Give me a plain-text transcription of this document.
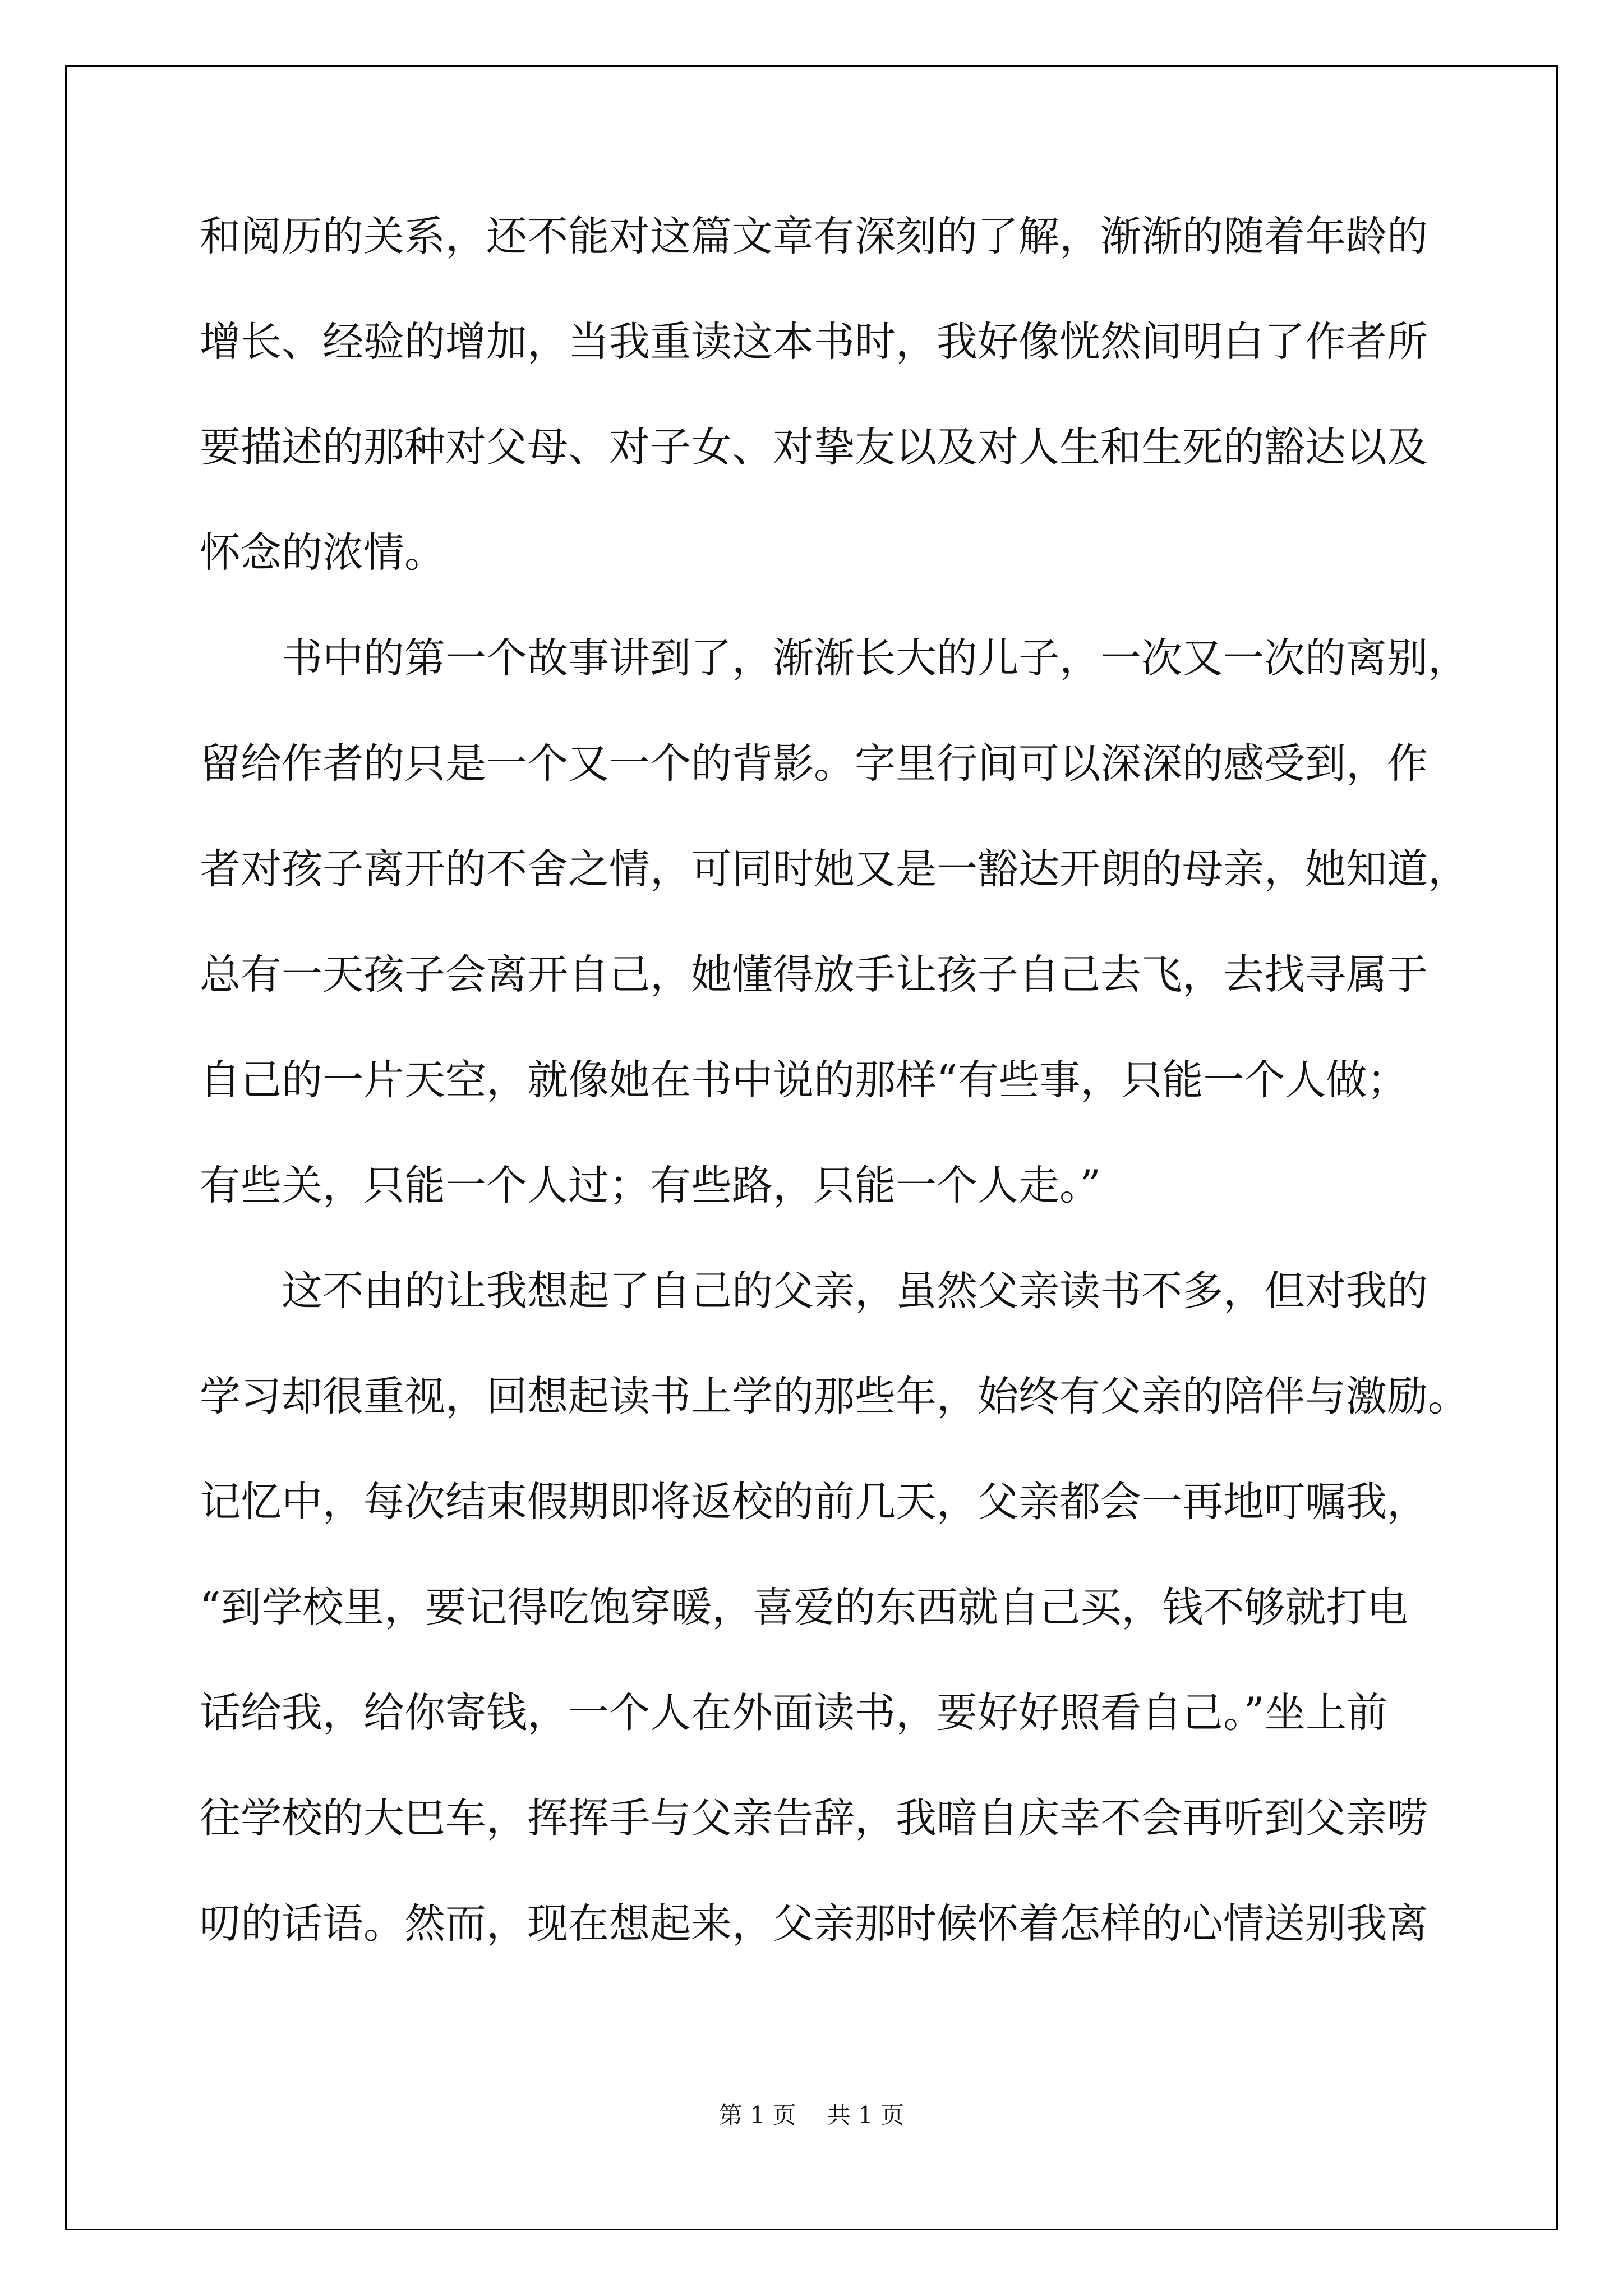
和阅历的关系，还不能对这篇文章有深刻的了解，渐渐的随着年龄的
增长、经验的增加，当我重读这本书时，我好像恍然间明白了作者所
要描述的那种对父母、对子女、对挚友以及对人生和生死的豁达以及
怀念的浓情。
　　书中的第一个故事讲到了，渐渐长大的儿子，一次又一次的离别，
留给作者的只是一个又一个的背影。字里行间可以深深的感受到，作
者对孩子离开的不舍之情，可同时她又是一豁达开朗的母亲，她知道，
总有一天孩子会离开自己，她懂得放手让孩子自己去飞，去找寻属于
自己的一片天空，就像她在书中说的那样“有些事，只能一个人做；
有些关，只能一个人过；有些路，只能一个人走。”
　　这不由的让我想起了自己的父亲，虽然父亲读书不多，但对我的
学习却很重视，回想起读书上学的那些年，始终有父亲的陪伴与激励。
记忆中，每次结束假期即将返校的前几天，父亲都会一再地叮嘱我，
“到学校里，要记得吃饱穿暖，喜爱的东西就自己买，钱不够就打电
话给我，给你寄钱，一个人在外面读书，要好好照看自己。”坐上前
往学校的大巴车，挥挥手与父亲告辞，我暗自庆幸不会再听到父亲唠
叨的话语。然而，现在想起来，父亲那时候怀着怎样的心情送别我离
第 1 页　 共 1 页
